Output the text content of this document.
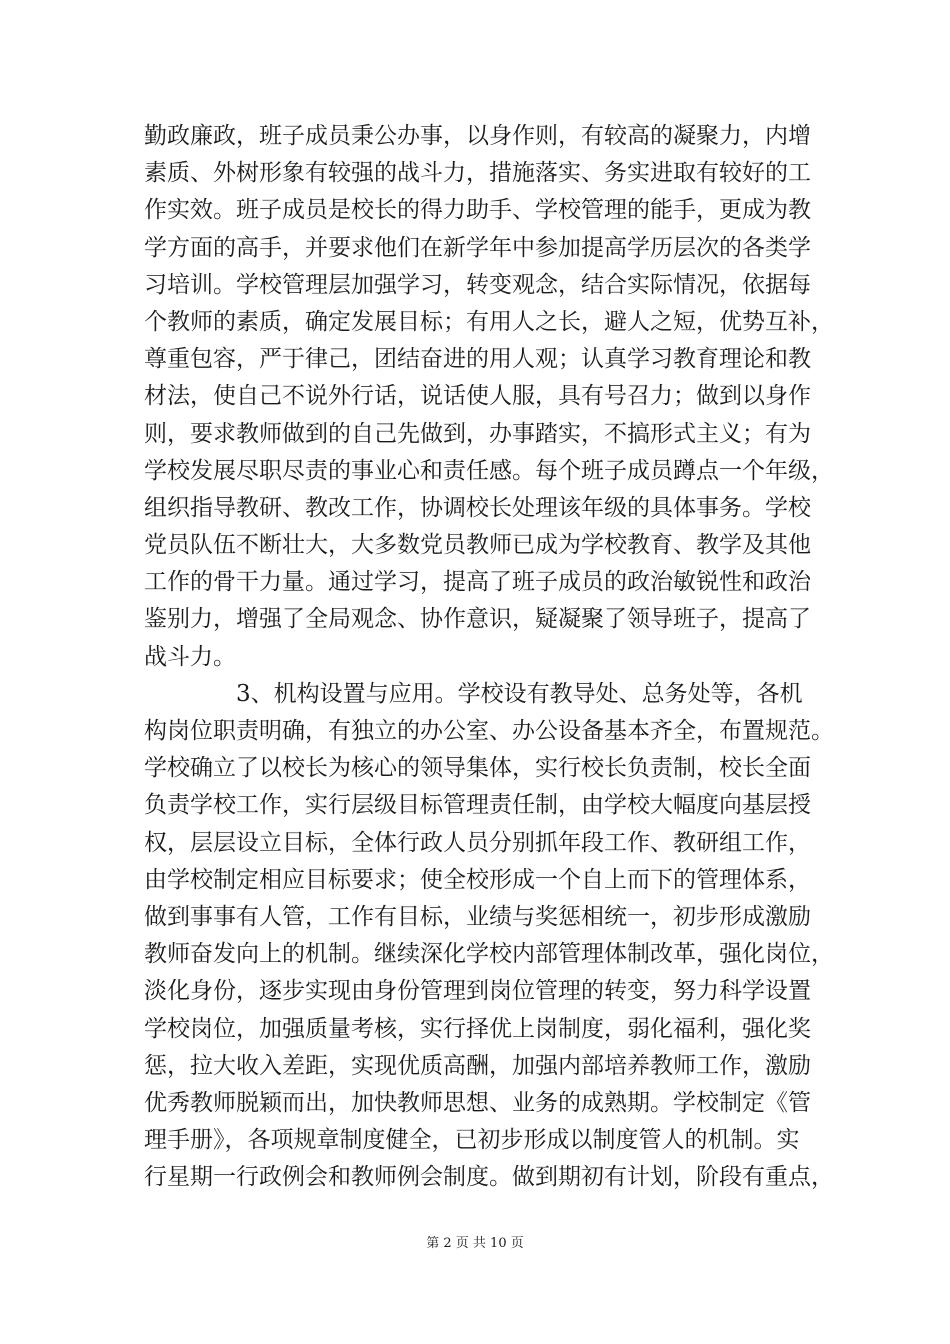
勤政廉政，班子成员秉公办事，以身作则，有较高的凝聚力，内增
素质、外树形象有较强的战斗力，措施落实、务实进取有较好的工
作实效。班子成员是校长的得力助手、学校管理的能手，更成为教
学方面的高手，并要求他们在新学年中参加提高学历层次的各类学
习培训。学校管理层加强学习，转变观念，结合实际情况，依据每
个教师的素质，确定发展目标；有用人之长，避人之短，优势互补，
尊重包容，严于律己，团结奋进的用人观；认真学习教育理论和教
材法，使自己不说外行话，说话使人服，具有号召力；做到以身作
则，要求教师做到的自己先做到，办事踏实，不搞形式主义；有为
学校发展尽职尽责的事业心和责任感。每个班子成员蹲点一个年级，
组织指导教研、教改工作，协调校长处理该年级的具体事务。学校
党员队伍不断壮大，大多数党员教师已成为学校教育、教学及其他
工作的骨干力量。通过学习，提高了班子成员的政治敏锐性和政治
鉴别力，增强了全局观念、协作意识，疑凝聚了领导班子，提高了
战斗力。
3、机构设置与应用。学校设有教导处、总务处等，各机
构岗位职责明确，有独立的办公室、办公设备基本齐全，布置规范。
学校确立了以校长为核心的领导集体，实行校长负责制，校长全面
负责学校工作，实行层级目标管理责任制，由学校大幅度向基层授
权，层层设立目标，全体行政人员分别抓年段工作、教研组工作，
由学校制定相应目标要求；使全校形成一个自上而下的管理体系，
做到事事有人管，工作有目标，业绩与奖惩相统一，初步形成激励
教师奋发向上的机制。继续深化学校内部管理体制改革，强化岗位，
淡化身份，逐步实现由身份管理到岗位管理的转变，努力科学设置
学校岗位，加强质量考核，实行择优上岗制度，弱化福利，强化奖
惩，拉大收入差距，实现优质高酬，加强内部培养教师工作，激励
优秀教师脱颖而出，加快教师思想、业务的成熟期。学校制定《管
理手册》，各项规章制度健全，已初步形成以制度管人的机制。实
行星期一行政例会和教师例会制度。做到期初有计划，阶段有重点，
第 2 页 共 10 页
